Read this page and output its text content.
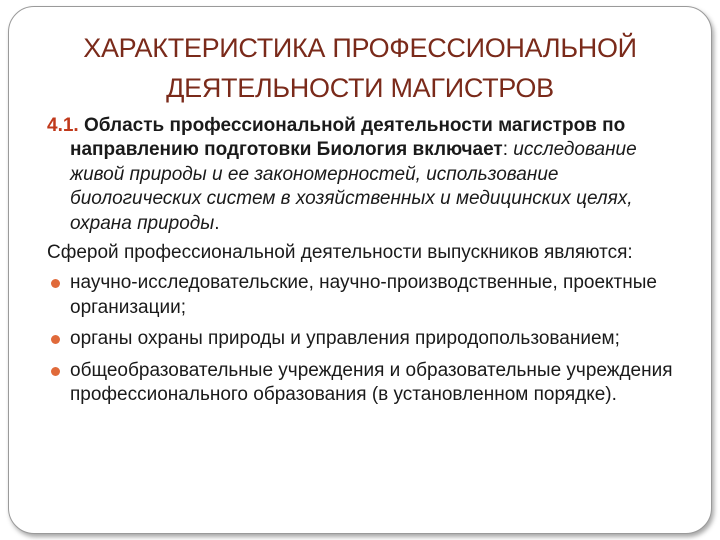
ХАРАКТЕРИСТИКА ПРОФЕССИОНАЛЬНОЙ
ДЕЯТЕЛЬНОСТИ МАГИСТРОВ

4.1. Область профессиональной деятельности магистров по направлению подготовки Биология включает: исследование живой природы и ее закономерностей, использование биологических систем в хозяйственных и медицинских целях, охрана природы.

Сферой профессиональной деятельности выпускников являются:

научно-исследовательские, научно-производственные, проектные организации;
органы охраны природы и управления природопользованием;
общеобразовательные учреждения и образовательные учреждения профессионального образования (в установленном порядке).
